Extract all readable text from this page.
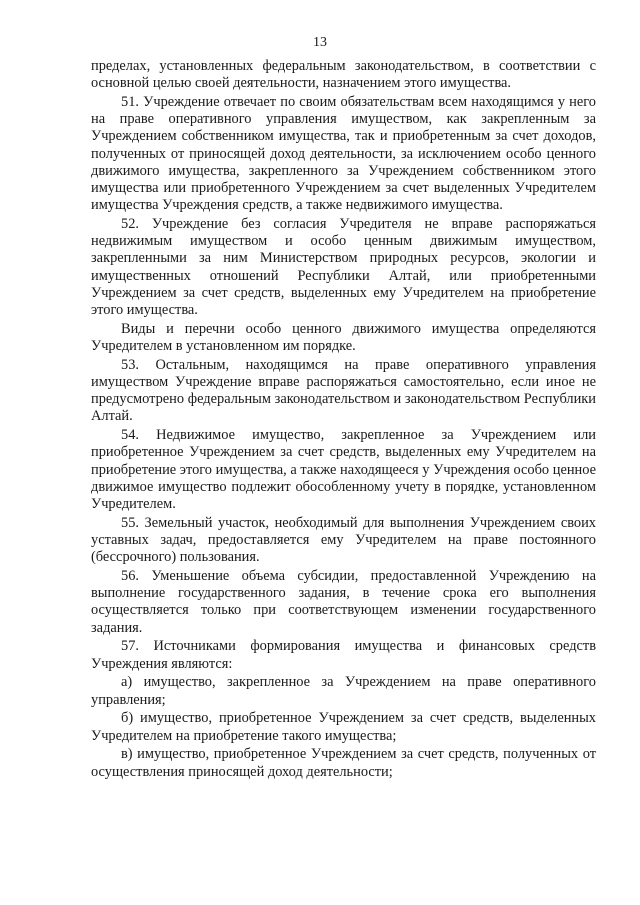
13

пределах, установленных федеральным законодательством, в соответствии с основной целью своей деятельности, назначением этого имущества.

51. Учреждение отвечает по своим обязательствам всем находящимся у него на праве оперативного управления имуществом, как закрепленным за Учреждением собственником имущества, так и приобретенным за счет доходов, полученных от приносящей доход деятельности, за исключением особо ценного движимого имущества, закрепленного за Учреждением собственником этого имущества или приобретенного Учреждением за счет выделенных Учредителем имущества Учреждения средств, а также недвижимого имущества.

52. Учреждение без согласия Учредителя не вправе распоряжаться недвижимым имуществом и особо ценным движимым имуществом, закрепленными за ним Министерством природных ресурсов, экологии и имущественных отношений Республики Алтай, или приобретенными Учреждением за счет средств, выделенных ему Учредителем на приобретение этого имущества.

Виды и перечни особо ценного движимого имущества определяются Учредителем в установленном им порядке.

53. Остальным, находящимся на праве оперативного управления имуществом Учреждение вправе распоряжаться самостоятельно, если иное не предусмотрено федеральным законодательством и законодательством Республики Алтай.

54. Недвижимое имущество, закрепленное за Учреждением или приобретенное Учреждением за счет средств, выделенных ему Учредителем на приобретение этого имущества, а также находящееся у Учреждения особо ценное движимое имущество подлежит обособленному учету в порядке, установленном Учредителем.

55. Земельный участок, необходимый для выполнения Учреждением своих уставных задач, предоставляется ему Учредителем на праве постоянного (бессрочного) пользования.

56. Уменьшение объема субсидии, предоставленной Учреждению на выполнение государственного задания, в течение срока его выполнения осуществляется только при соответствующем изменении государственного задания.

57. Источниками формирования имущества и финансовых средств Учреждения являются:

а) имущество, закрепленное за Учреждением на праве оперативного управления;

б) имущество, приобретенное Учреждением за счет средств, выделенных Учредителем на приобретение такого имущества;

в) имущество, приобретенное Учреждением за счет средств, полученных от осуществления приносящей доход деятельности;
